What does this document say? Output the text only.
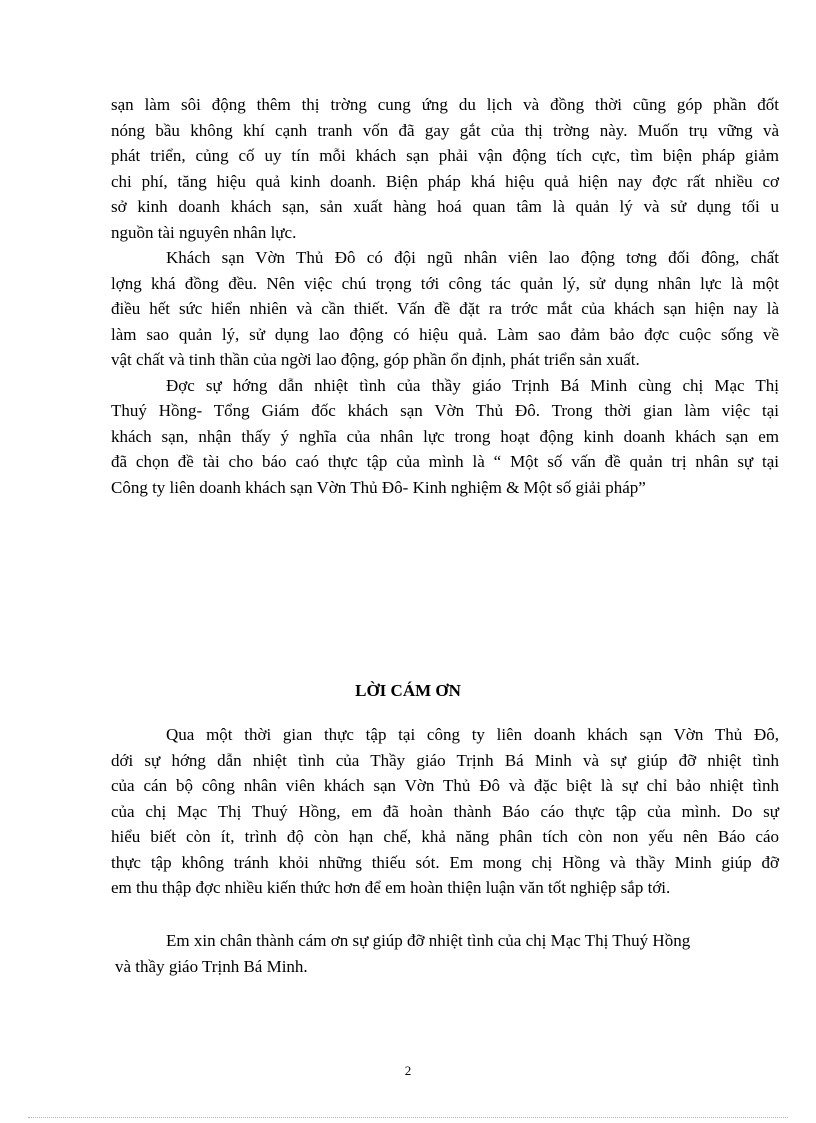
sạn làm sôi động thêm thị trờng cung ứng du lịch và đồng thời cũng góp phần đốt
nóng bầu không khí cạnh tranh vốn đã gay gắt của thị trờng này. Muốn trụ vững và
phát triển, củng cố uy tín mỗi khách sạn phải vận động tích cực, tìm biện pháp giảm
chi phí, tăng hiệu quả kinh doanh. Biện pháp khá hiệu quả hiện nay đợc rất nhiều cơ
sở kinh doanh khách sạn, sản xuất hàng hoá quan tâm là quản lý và sử dụng tối u
nguồn tài nguyên nhân lực.
Khách sạn Vờn Thủ Đô có đội ngũ nhân viên lao động tơng đối đông, chất
lợng khá đồng đều. Nên việc chú trọng tới công tác quản lý, sử dụng nhân lực là một
điều hết sức hiển nhiên và cần thiết. Vấn đề đặt ra trớc mắt của khách sạn hiện nay là
làm sao quản lý, sử dụng lao động có hiệu quả. Làm sao đảm bảo đợc cuộc sống về
vật chất và tinh thần của ngời lao động, góp phần ổn định, phát triển sản xuất.
Đợc sự hớng dẫn nhiệt tình của thầy giáo Trịnh Bá Minh cùng chị Mạc Thị
Thuý Hồng- Tổng Giám đốc khách sạn Vờn Thủ Đô. Trong thời gian làm việc tại
khách sạn, nhận thấy ý nghĩa của nhân lực trong hoạt động kinh doanh khách sạn em
đã chọn đề tài cho báo caó thực tập của mình là “ Một số vấn đề quản trị nhân sự tại
Công ty liên doanh khách sạn Vờn Thủ Đô- Kinh nghiệm & Một số giải pháp”
LỜI CÁM ƠN
Qua một thời gian thực tập tại công ty liên doanh khách sạn Vờn Thủ Đô,
dới sự hớng dẫn nhiệt tình của Thầy giáo Trịnh Bá Minh và sự giúp đỡ nhiệt tình
của cán bộ công nhân viên khách sạn Vờn Thủ Đô và đặc biệt là sự chỉ bảo nhiệt tình
của chị Mạc Thị Thuý Hồng, em đã hoàn thành Báo cáo thực tập của mình. Do sự
hiểu biết còn ít, trình độ còn hạn chế, khả năng phân tích còn non yếu nên Báo cáo
thực tập không tránh khỏi những thiếu sót. Em mong chị Hồng và thầy Minh giúp đỡ
em thu thập đợc nhiều kiến thức hơn để em hoàn thiện luận văn tốt nghiệp sắp tới.
Em xin chân thành cám ơn sự giúp đỡ nhiệt tình của chị Mạc Thị Thuý Hồng
và thầy giáo Trịnh Bá Minh.
2
